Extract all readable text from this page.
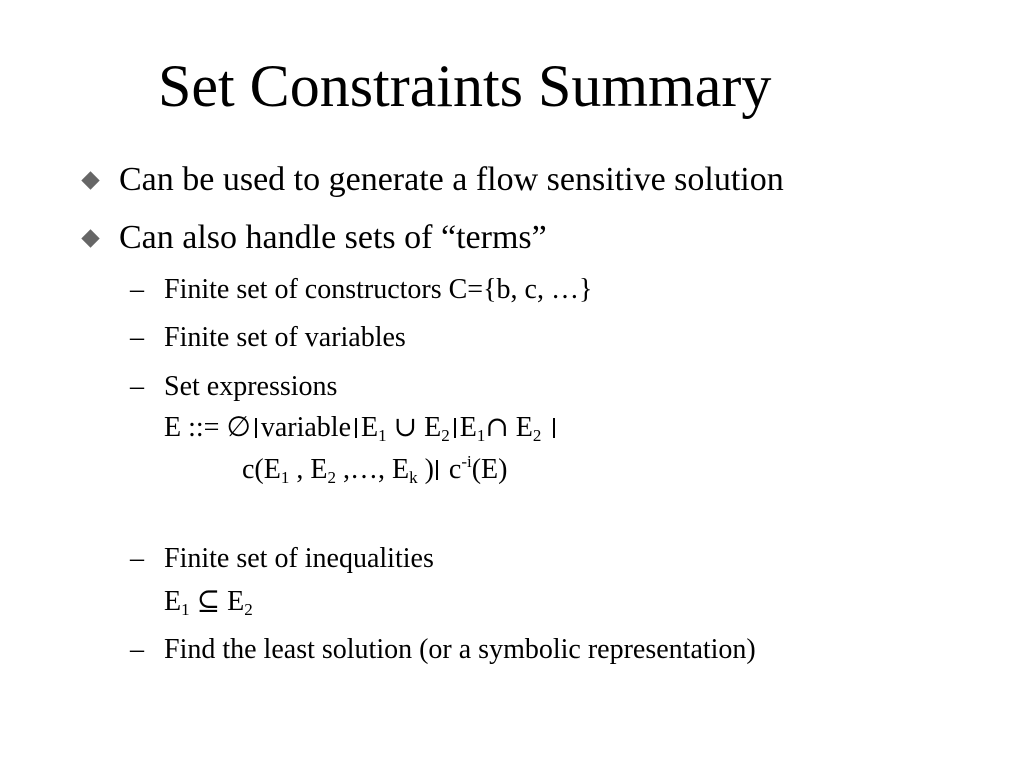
Set Constraints Summary
Can be used to generate a flow sensitive solution
Can also handle sets of “terms”
– Finite set of constructors C={b, c, …}
– Finite set of variables
– Set expressions
E ::= ∅ variable $E_1$ ∪ $E_2$ $E_1\cap$ $E_2$
$c(E_1$ , $E_2$ ,…, $E_k$ ) $c^{-i}(E)$
– Finite set of inequalities
$E_1$ ⊆ $E_2$
– Find the least solution (or a symbolic representation)
